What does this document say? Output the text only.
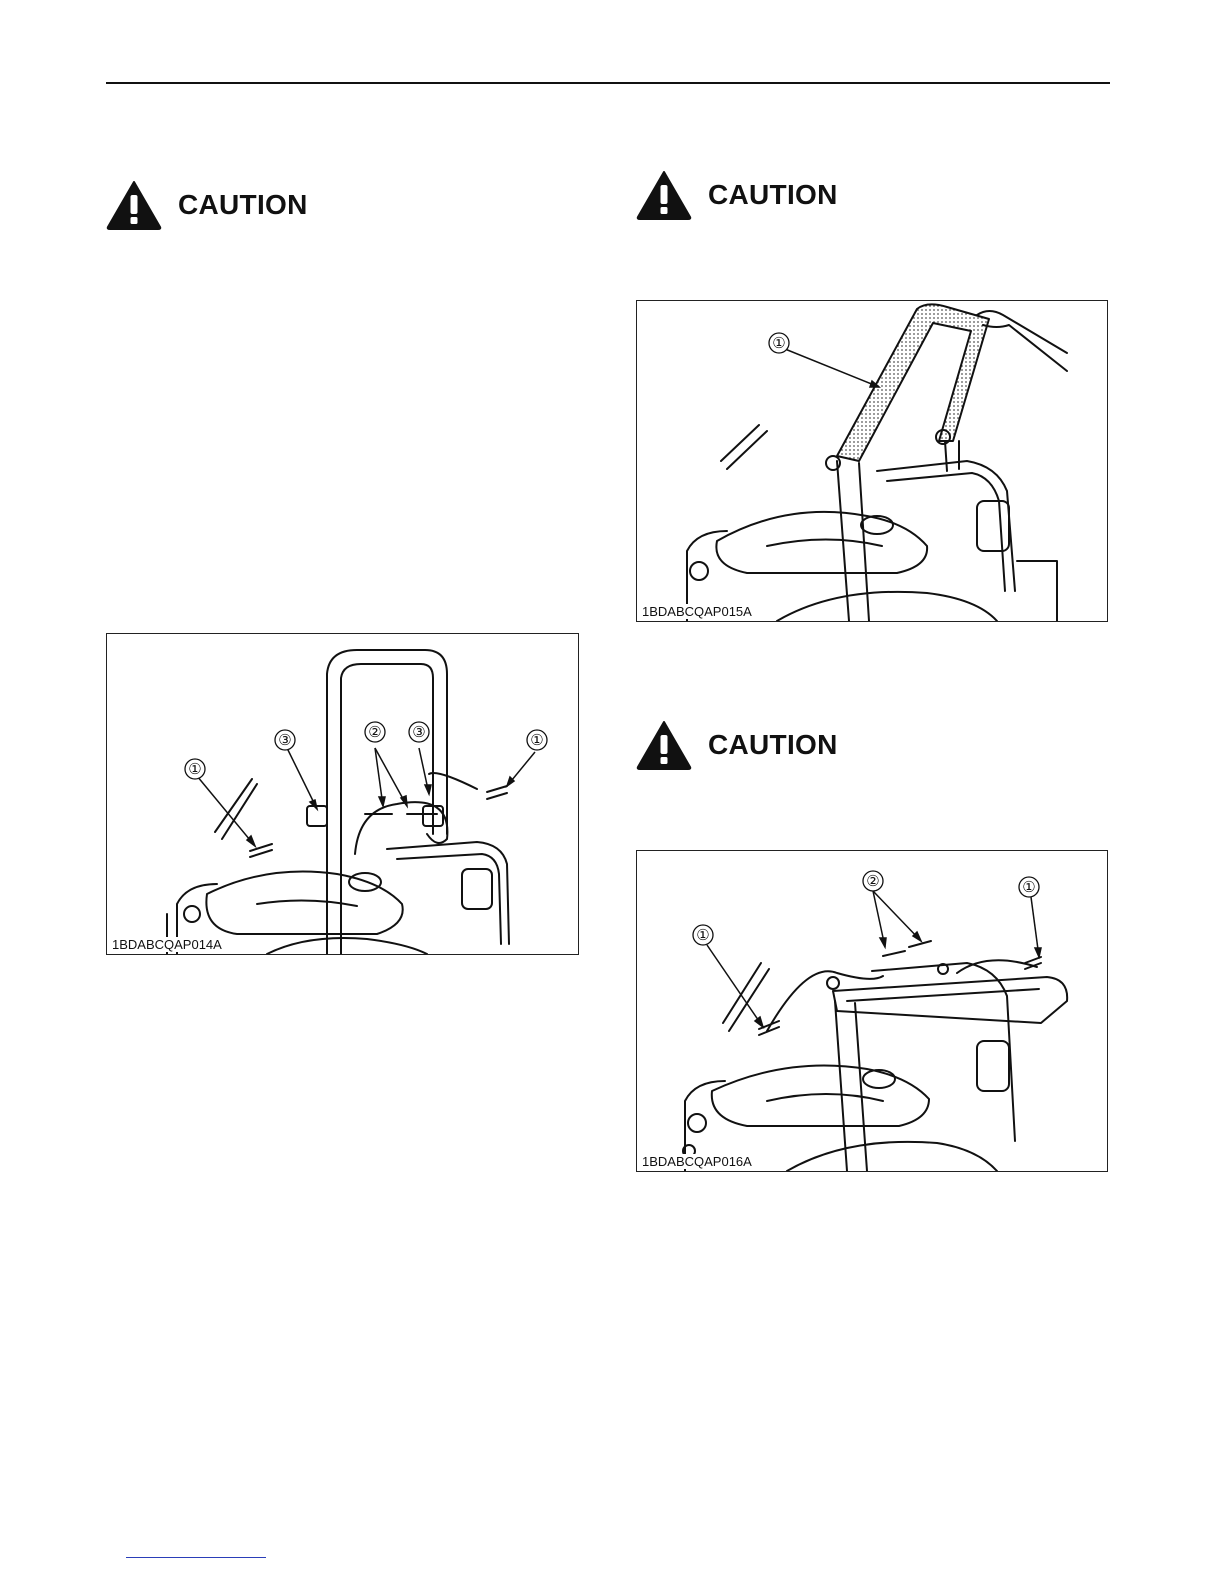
CAUTION	CAUTION
CAUTION
①
③	② ③	①
1BDABCQAP014A
①
1BDABCQAP015A
①
②	①
1BDABCQAP016A
